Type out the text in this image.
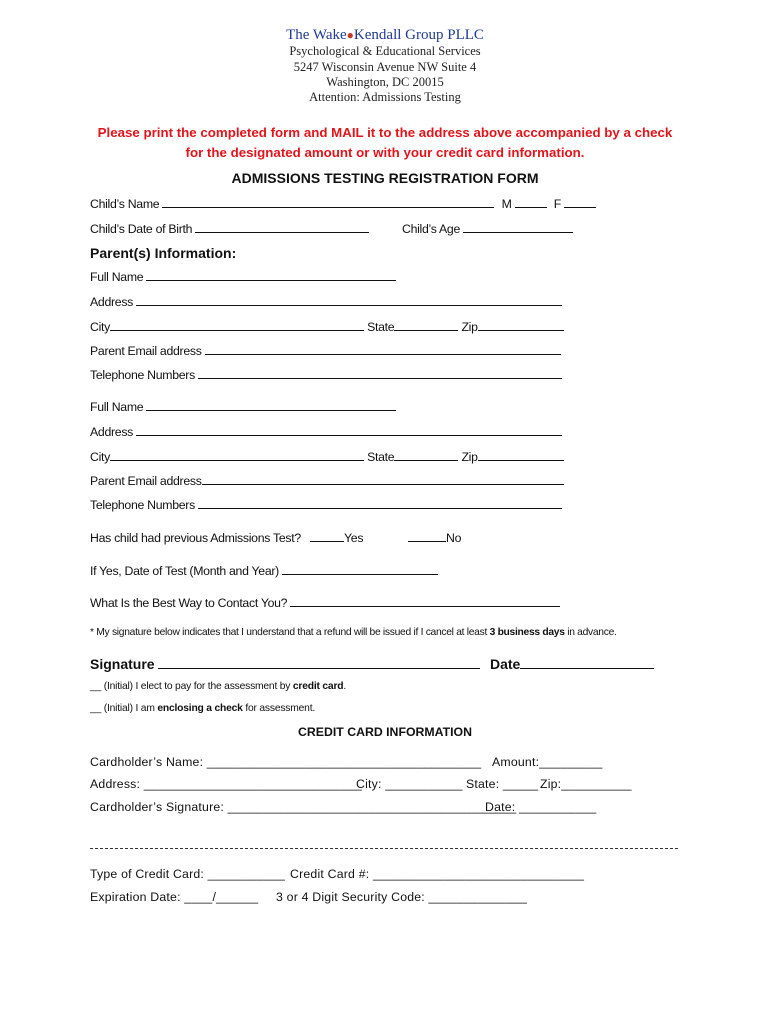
The Wake●Kendall Group PLLC
Psychological & Educational Services
5247 Wisconsin Avenue NW Suite 4
Washington, DC 20015
Attention: Admissions Testing
Please print the completed form and MAIL it to the address above accompanied by a check
for the designated amount or with your credit card information.
ADMISSIONS TESTING REGISTRATION FORM
Child’s Name	M	F
Child’s Date of Birth	Child’s Age
Parent(s) Information:
Full Name
Address
City	State	Zip
Parent Email address
Telephone Numbers
Full Name
Address
City	State	Zip
Parent Email address
Telephone Numbers
Has child had previous Admissions Test?	Yes	No
If Yes, Date of Test (Month and Year)
What Is the Best Way to Contact You?
* My signature below indicates that I understand that a refund will be issued if I cancel at least 3 business days in advance.
Signature	Date
__ (Initial) I elect to pay for the assessment by credit card.
__ (Initial) I am enclosing a check for assessment.
CREDIT CARD INFORMATION
Cardholder’s Name: _______________________________________ Amount:_________
Address: _______________________________
City: ___________ State: _____ Zip:__________
Cardholder’s Signature: _________________________________________
Date: ___________
Type of Credit Card: ___________ Credit Card #: ______________________________
Expiration Date: ____/______ 3 or 4 Digit Security Code: ______________
